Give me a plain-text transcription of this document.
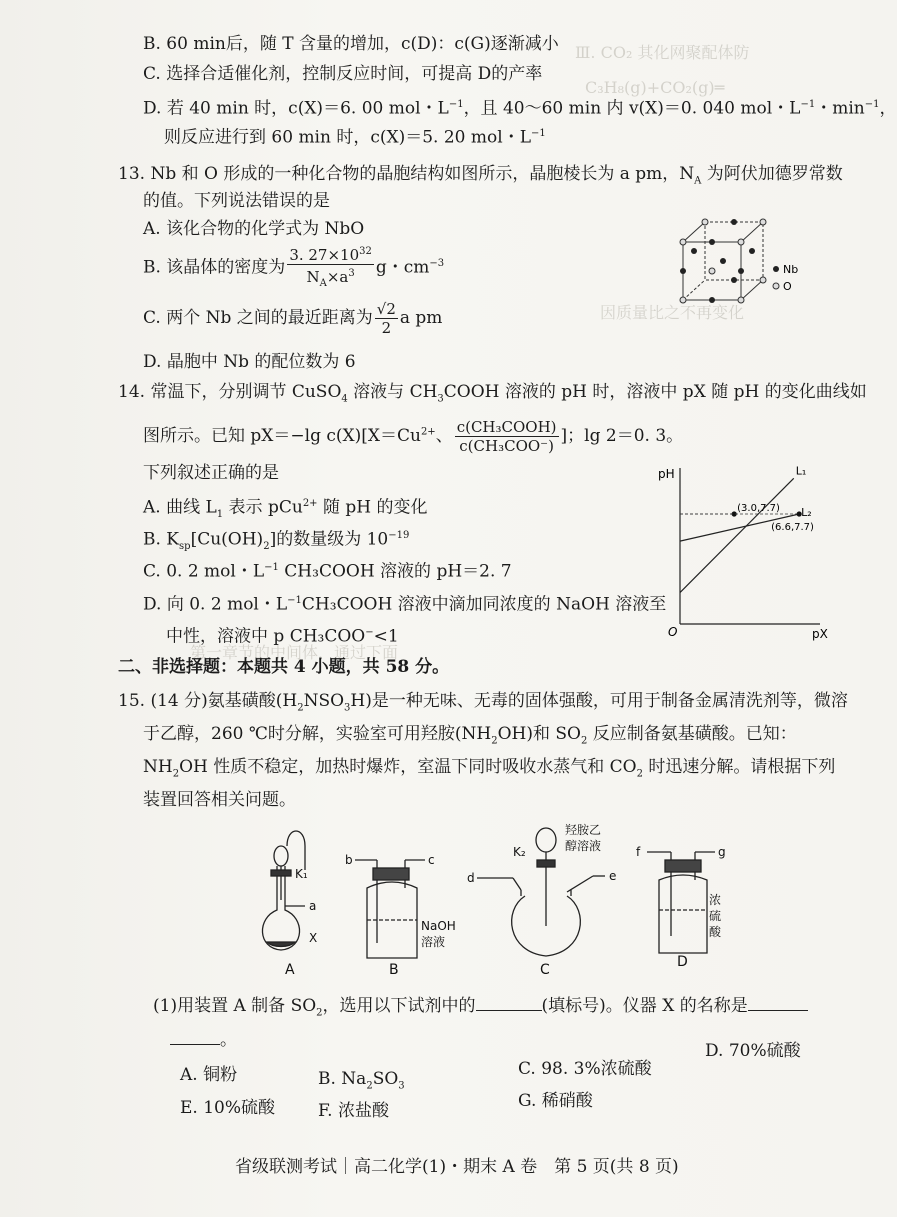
Ⅲ. CO₂ 其化网聚配体防
C₃H₈(g)+CO₂(g)═
因质量比之不再变化
第一章节的中间体，通过下面
B. 60 min后，随 T 含量的增加，c(D)：c(G)逐渐减小
C. 选择合适催化剂，控制反应时间，可提高 D的产率
D. 若 40 min 时，c(X)＝6. 00 mol・$L^{-1}$，且 40～60 min 内 v(X)＝0. 040 mol・$L^{-1}$・$\min^{-1}$，
则反应进行到 60 min 时，c(X)＝5. 20 mol・$L^{-1}$
13. Nb 和 O 形成的一种化合物的晶胞结构如图所示，晶胞棱长为 a pm，$N_A$ 为阿伏加德罗常数
的值。下列说法错误的是
A. 该化合物的化学式为 NbO
B. 该晶体的密度为 $\frac{3. 27\times 10^{32}}{N_A\times a^3}$ g・$cm^{-3}$
C. 两个 Nb 之间的最近距离为 $\frac{√2}{2}$ a pm
D. 晶胞中 Nb 的配位数为 6
Nb
O
14. 常温下，分别调节 CuSO$_4$ 溶液与 $CH_3COOH$ 溶液的 pH 时，溶液中 pX 随 pH 的变化曲线如
图所示。已知 pX＝−lg $c(X)[X=Cu^{2+}$、 $\frac{\text{c(CH₃COOH)}}{\text{c(CH₃COO⁻)}}$ ]；lg 2＝0. 3。
下列叙述正确的是
A. 曲线 $L_1$ 表示 pCu$^{2+}$ 随 pH 的变化
B. $K_{sp}[Cu(OH)_2]$的数量级为 $10^{-19}$
C. 0. 2 mol・$L^{-1}$ CH₃COOH 溶液的 pH＝2. 7
D. 向 0. 2 mol・$L^{-1}CH_3COOH$ 溶液中滴加同浓度的 NaOH 溶液至
中性，溶液中 p CH₃COO−<1
pH
pX
O
L₁
L₂
(3.0,7.7)
(6.6,7.7)
二、非选择题：本题共 4 小题，共 58 分。
15. (14 分)氨基磺酸$(H_2NSO_3H)$是一种无味、无毒的固体强酸，可用于制备金属清洗剂等，微溶
于乙醇，260 ℃时分解，实验室可用羟胺$(NH_2OH)$和 $SO_2$ 反应制备氨基磺酸。已知：
$NH_2OH$ 性质不稳定，加热时爆炸，室温下同时吸收水蒸气和 $CO_2$ 时迅速分解。请根据下列
装置回答相关问题。
K₁
a
X
A
b	c
NaOH
溶液
B
d
K₂
羟胺乙
醇溶液
e
C
f	g
浓
硫
酸
D
(1)用装置 A 制备 $SO_2$，选用以下试剂中的	(填标号)。仪器 X 的名称是
。
A. 铜粉	B. $Na_2SO_3$
C. 98. 3%浓硫酸
D. 70%硫酸
E. 10%硫酸	F. 浓盐酸	G. 稀硝酸
省级联测考试｜高二化学(1)・期末 A 卷　第 5 页(共 8 页)
